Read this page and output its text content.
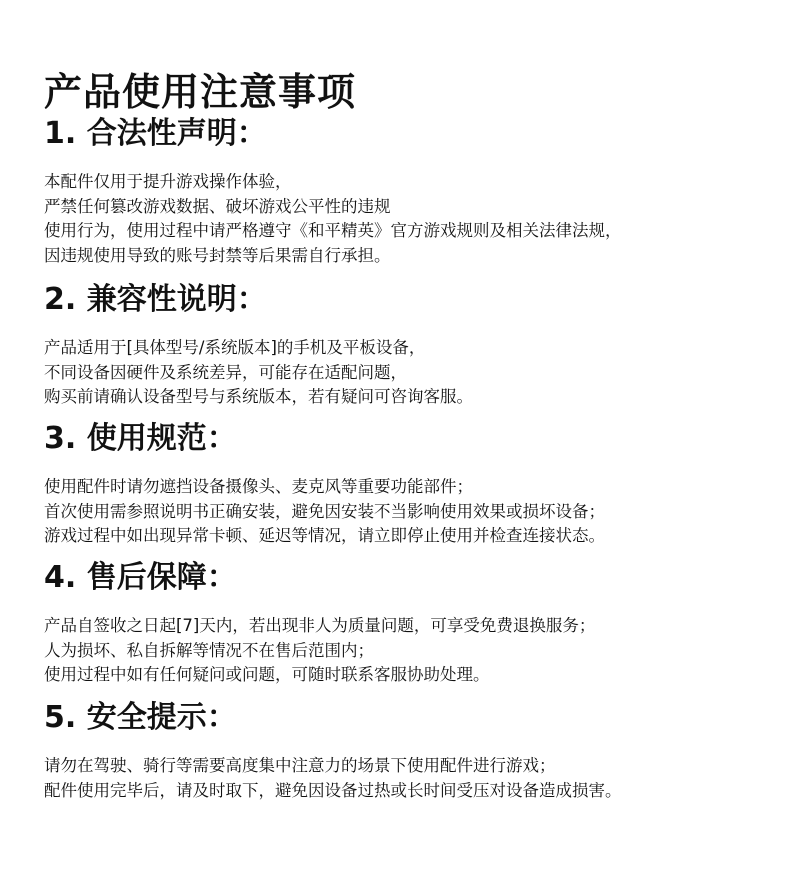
产品使用注意事项
1. 合法性声明：
本配件仅用于提升游戏操作体验，
严禁任何篡改游戏数据、破坏游戏公平性的违规
使用行为，使用过程中请严格遵守《和平精英》官方游戏规则及相关法律法规，
因违规使用导致的账号封禁等后果需自行承担。
2. 兼容性说明：
产品适用于[具体型号/系统版本]的手机及平板设备，
不同设备因硬件及系统差异，可能存在适配问题，
购买前请确认设备型号与系统版本，若有疑问可咨询客服。
3. 使用规范：
使用配件时请勿遮挡设备摄像头、麦克风等重要功能部件；
首次使用需参照说明书正确安装，避免因安装不当影响使用效果或损坏设备；
游戏过程中如出现异常卡顿、延迟等情况，请立即停止使用并检查连接状态。
4. 售后保障：
产品自签收之日起[7]天内，若出现非人为质量问题，可享受免费退换服务；
人为损坏、私自拆解等情况不在售后范围内；
使用过程中如有任何疑问或问题，可随时联系客服协助处理。
5. 安全提示：
请勿在驾驶、骑行等需要高度集中注意力的场景下使用配件进行游戏；
配件使用完毕后，请及时取下，避免因设备过热或长时间受压对设备造成损害。
